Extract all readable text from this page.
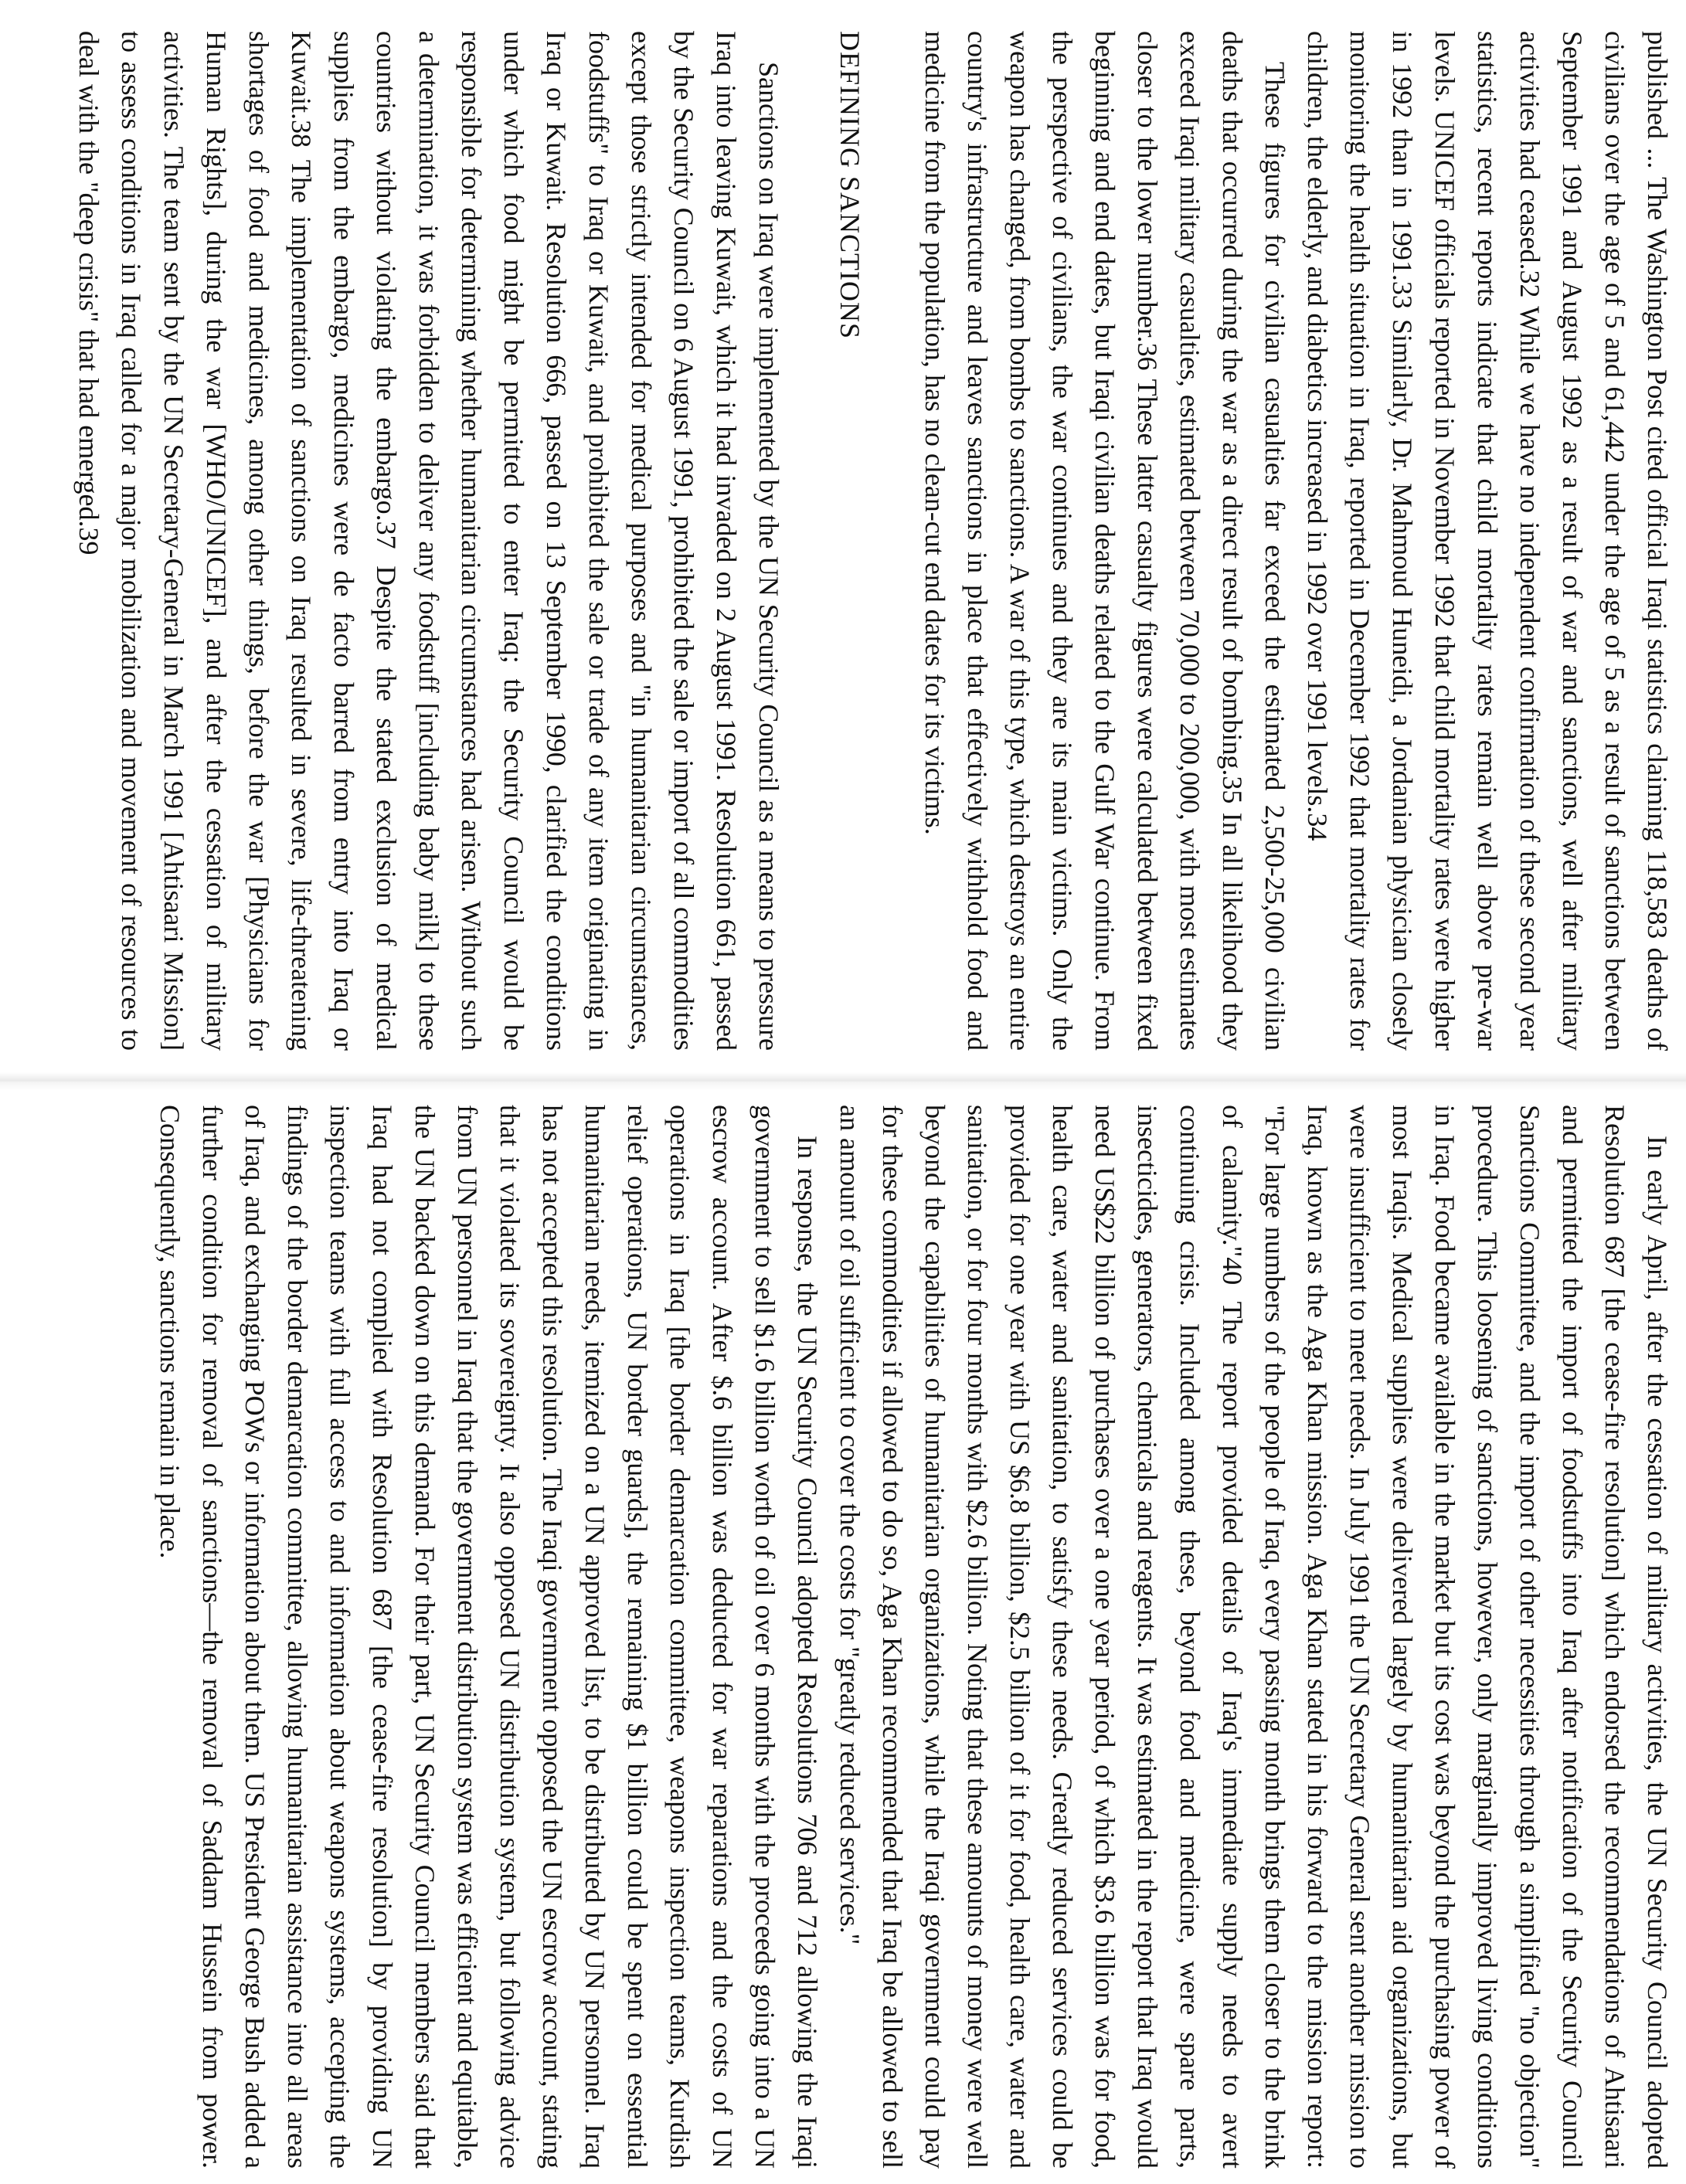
published ... The Washington Post cited official Iraqi statistics claiming 118,583 deaths of civilians over the age of 5 and 61,442 under the age of 5 as a result of sanctions between September 1991 and August 1992 as a result of war and sanctions, well after military activities had ceased.32 While we have no independent confirmation of these second year statistics, recent reports indicate that child mortality rates remain well above pre-war levels. UNICEF officials reported in November 1992 that child mortality rates were higher in 1992 than in 1991.33 Similarly, Dr. Mahmoud Huneidi, a Jordanian physician closely monitoring the health situation in Iraq, reported in December 1992 that mortality rates for children, the elderly, and diabetics increased in 1992 over 1991 levels.34

These figures for civilian casualties far exceed the estimated 2,500-25,000 civilian deaths that occurred during the war as a direct result of bombing.35 In all likelihood they exceed Iraqi military casualties, estimated between 70,000 to 200,000, with most estimates closer to the lower number.36 These latter casualty figures were calculated between fixed beginning and end dates, but Iraqi civilian deaths related to the Gulf War continue. From the perspective of civilians, the war continues and they are its main victims. Only the weapon has changed, from bombs to sanctions. A war of this type, which destroys an entire country's infrastructure and leaves sanctions in place that effectively withhold food and medicine from the population, has no clean-cut end dates for its victims.

DEFINING SANCTIONS

Sanctions on Iraq were implemented by the UN Security Council as a means to pressure Iraq into leaving Kuwait, which it had invaded on 2 August 1991. Resolution 661, passed by the Security Council on 6 August 1991, prohibited the sale or import of all commodities except those strictly intended for medical purposes and "in humanitarian circumstances, foodstuffs" to Iraq or Kuwait, and prohibited the sale or trade of any item originating in Iraq or Kuwait. Resolution 666, passed on 13 September 1990, clarified the conditions under which food might be permitted to enter Iraq; the Security Council would be responsible for determining whether humanitarian circumstances had arisen. Without such a determination, it was forbidden to deliver any foodstuff [including baby milk] to these countries without violating the embargo.37 Despite the stated exclusion of medical supplies from the embargo, medicines were de facto barred from entry into Iraq or Kuwait.38 The implementation of sanctions on Iraq resulted in severe, life-threatening shortages of food and medicines, among other things, before the war [Physicians for Human Rights], during the war [WHO/UNICEF], and after the cessation of military activities. The team sent by the UN Secretary-General in March 1991 [Ahtisaari Mission] to assess conditions in Iraq called for a major mobilization and movement of resources to deal with the "deep crisis" that had emerged.39

In early April, after the cessation of military activities, the UN Security Council adopted Resolution 687 [the cease-fire resolution] which endorsed the recommendations of Ahtisaari and permitted the import of foodstuffs into Iraq after notification of the Security Council Sanctions Committee, and the import of other necessities through a simplified "no objection" procedure. This loosening of sanctions, however, only marginally improved living conditions in Iraq. Food became available in the market but its cost was beyond the purchasing power of most Iraqis. Medical supplies were delivered largely by humanitarian aid organizations, but were insufficient to meet needs. In July 1991 the UN Secretary General sent another mission to Iraq, known as the Aga Khan mission. Aga Khan stated in his forward to the mission report: "For large numbers of the people of Iraq, every passing month brings them closer to the brink of calamity."40 The report provided details of Iraq's immediate supply needs to avert continuing crisis. Included among these, beyond food and medicine, were spare parts, insecticides, generators, chemicals and reagents. It was estimated in the report that Iraq would need US$22 billion of purchases over a one year period, of which $3.6 billion was for food, health care, water and sanitation, to satisfy these needs. Greatly reduced services could be provided for one year with US $6.8 billion, $2.5 billion of it for food, health care, water and sanitation, or for four months with $2.6 billion. Noting that these amounts of money were well beyond the capabilities of humanitarian organizations, while the Iraqi government could pay for these commodities if allowed to do so, Aga Khan recommended that Iraq be allowed to sell an amount of oil sufficient to cover the costs for "greatly reduced services."

In response, the UN Security Council adopted Resolutions 706 and 712 allowing the Iraqi government to sell $1.6 billion worth of oil over 6 months with the proceeds going into a UN escrow account. After $.6 billion was deducted for war reparations and the costs of UN operations in Iraq [the border demarcation committee, weapons inspection teams, Kurdish relief operations, UN border guards], the remaining $1 billion could be spent on essential humanitarian needs, itemized on a UN approved list, to be distributed by UN personnel. Iraq has not accepted this resolution. The Iraqi government opposed the UN escrow account, stating that it violated its sovereignty. It also opposed UN distribution system, but following advice from UN personnel in Iraq that the government distribution system was efficient and equitable, the UN backed down on this demand. For their part, UN Security Council members said that Iraq had not complied with Resolution 687 [the cease-fire resolution] by providing UN inspection teams with full access to and information about weapons systems, accepting the findings of the border demarcation committee, allowing humanitarian assistance into all areas of Iraq, and exchanging POWs or information about them. US President George Bush added a further condition for removal of sanctions—the removal of Saddam Hussein from power. Consequently, sanctions remain in place.
